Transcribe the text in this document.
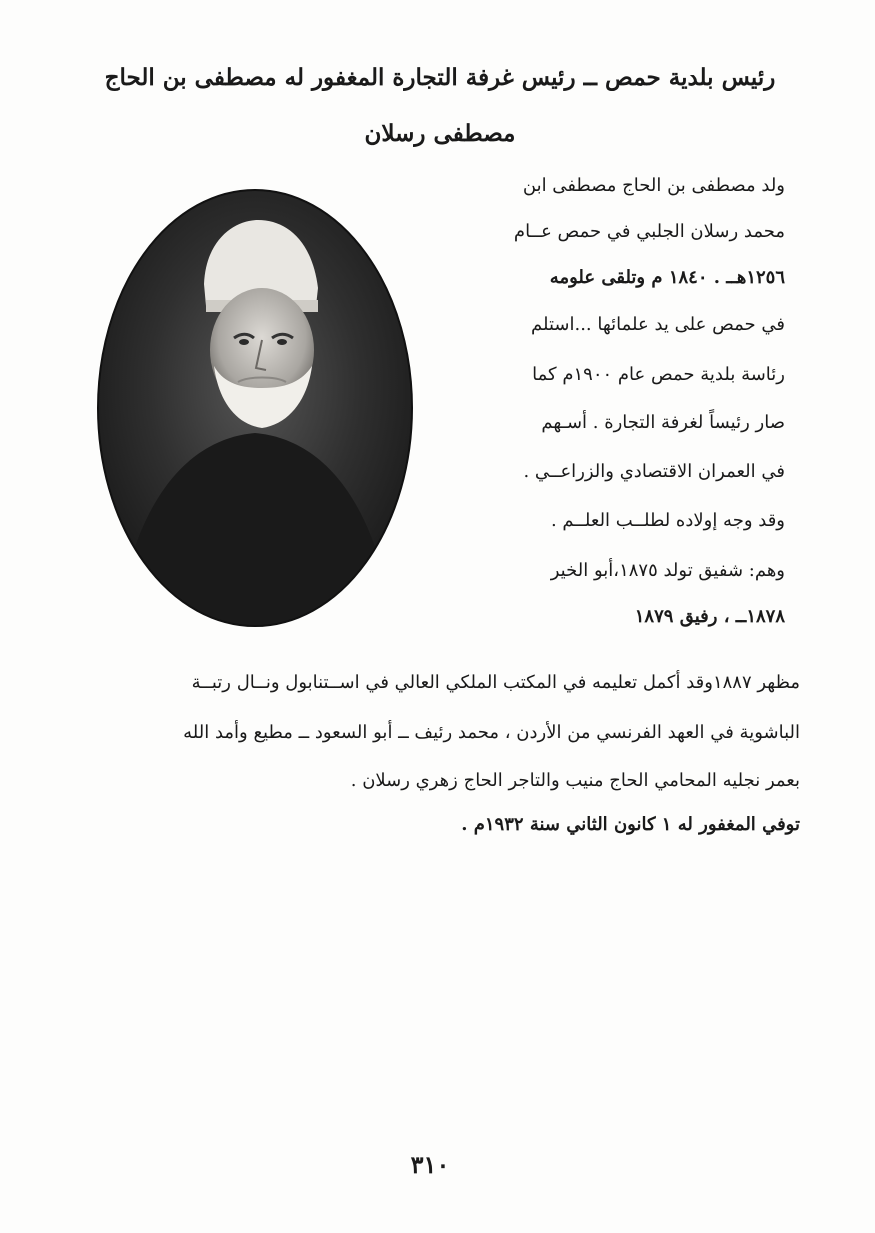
رئيس بلدية حمص ــ رئيس غرفة التجارة المغفور له مصطفى بن الحاج
مصطفى رسلان

ولد مصطفى بن الحاج مصطفى ابن

محمد رسلان الجلبي في حمص عــام

١٢٥٦هــ . ١٨٤٠ م وتلقى علومه

في حمص على يد علمائها ...استلم

رئاسة بلدية حمص عام ١٩٠٠م كما

صار رئيساً لغرفة التجارة . أسـهم

في العمران الاقتصادي والزراعــي .

وقد وجه إولاده لطلــب العلــم .

وهم: شفيق تولد ١٨٧٥،أبو الخير

١٨٧٨ــ ، رفيق ١٨٧٩

مظهر ١٨٨٧وقد أكمل تعليمه في المكتب الملكي العالي في اســتنابول ونــال رتبــة

الباشوية في العهد الفرنسي من الأردن ، محمد رئيف ــ أبو السعود ــ مطيع وأمد الله

بعمر نجليه المحامي الحاج منيب والتاجر الحاج زهري رسلان .

توفي المغفور له ١ كانون الثاني سنة ١٩٣٢م .

٣١٠
